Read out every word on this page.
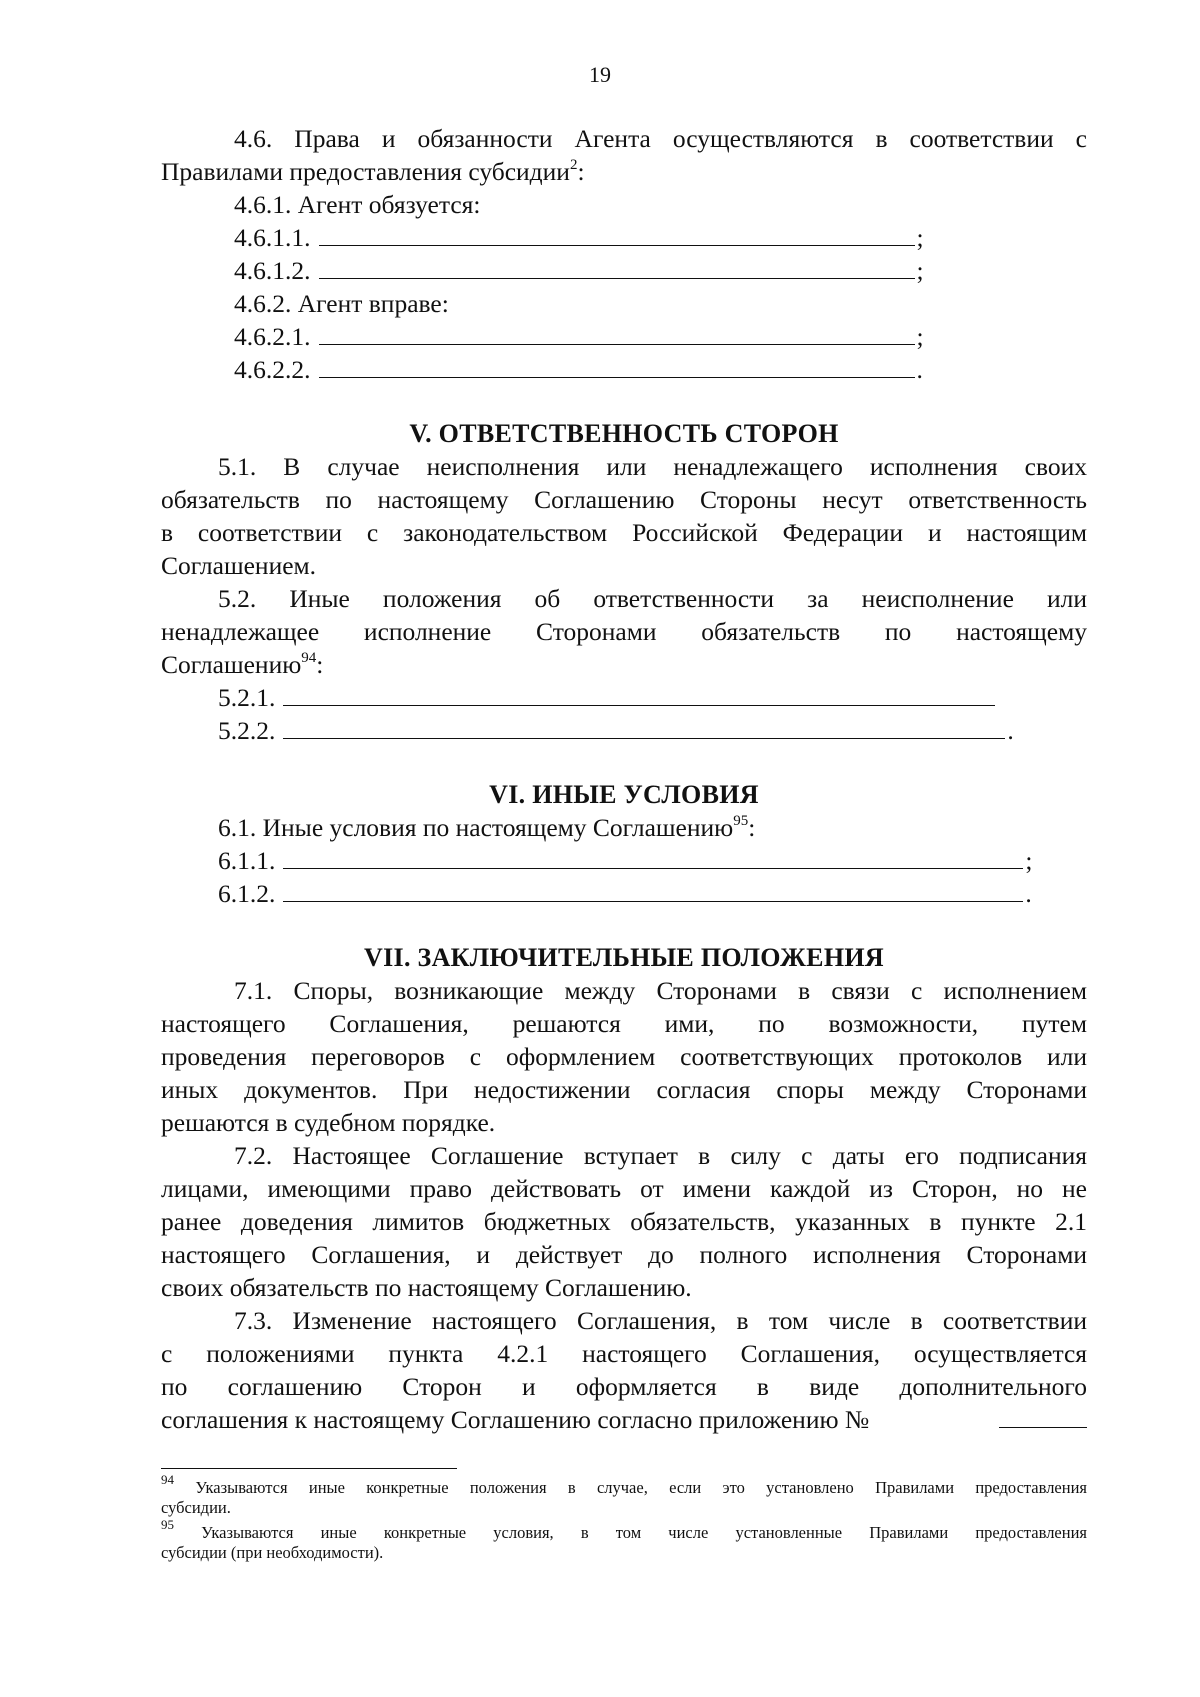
19

4.6. Права и обязанности Агента осуществляются в соответствии с

Правилами предоставления субсидии$^2$:

4.6.1. Агент обязуется:

4.6.1.1.	;
4.6.1.2.	;

4.6.2. Агент вправе:

4.6.2.1.	;
4.6.2.2.	.

V. ОТВЕТСТВЕННОСТЬ СТОРОН

5.1. В случае неисполнения или ненадлежащего исполнения своих

обязательств по настоящему Соглашению Стороны несут ответственность

в соответствии с законодательством Российской Федерации и настоящим

Соглашением.

5.2. Иные положения об ответственности за неисполнение или

ненадлежащее исполнение Сторонами обязательств по настоящему

Соглашению$^{94}$:

5.2.1.
5.2.2.	.

VI. ИНЫЕ УСЛОВИЯ

6.1. Иные условия по настоящему Соглашению$^{95}$:

6.1.1.	;
6.1.2.	.

VII. ЗАКЛЮЧИТЕЛЬНЫЕ ПОЛОЖЕНИЯ

7.1. Споры, возникающие между Сторонами в связи с исполнением

настоящего Соглашения, решаются ими, по возможности, путем

проведения переговоров с оформлением соответствующих протоколов или

иных документов. При недостижении согласия споры между Сторонами

решаются в судебном порядке.

7.2. Настоящее Соглашение вступает в силу с даты его подписания

лицами, имеющими право действовать от имени каждой из Сторон, но не

ранее доведения лимитов бюджетных обязательств, указанных в пункте 2.1

настоящего Соглашения, и действует до полного исполнения Сторонами

своих обязательств по настоящему Соглашению.

7.3. Изменение настоящего Соглашения, в том числе в соответствии

с положениями пункта 4.2.1 настоящего Соглашения, осуществляется

по соглашению Сторон и оформляется в виде дополнительного

соглашения к настоящему Соглашению согласно приложению №
$^{94}$ Указываются иные конкретные положения в случае, если это установлено Правилами предоставления
субсидии.
$^{95}$ Указываются иные конкретные условия, в том числе установленные Правилами предоставления
субсидии (при необходимости).
